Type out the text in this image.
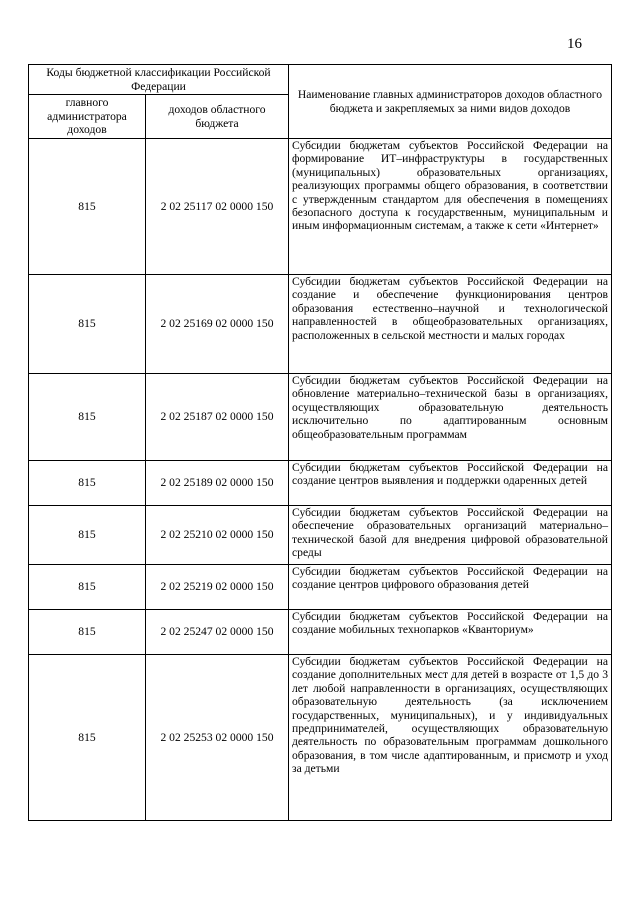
16
Коды бюджетной классификации Российской Федерации		Наименование главных администраторов доходов областного бюджета и закрепляемых за ними видов доходов
главного администратора доходов	доходов областного бюджета	
815	2 02 25117 02 0000 150	Субсидии бюджетам субъектов Российской Федерации на формирование ИТ–инфраструктуры в государственных (муниципальных) образовательных организациях, реализующих программы общего образования, в соответствии с утвержденным стандартом для обеспечения в помещениях безопасного доступа к государственным, муниципальным и иным информационным системам, а также к сети «Интернет»
815	2 02 25169 02 0000 150	Субсидии бюджетам субъектов Российской Федерации на создание и обеспечение функционирования центров образования естественно–научной и технологической направленностей в общеобразовательных организациях, расположенных в сельской местности и малых городах
815	2 02 25187 02 0000 150	Субсидии бюджетам субъектов Российской Федерации на обновление материально–технической базы в организациях, осуществляющих образовательную деятельность исключительно по адаптированным основным общеобразовательным программам
815	2 02 25189 02 0000 150	Субсидии бюджетам субъектов Российской Федерации на создание центров выявления и поддержки одаренных детей
815	2 02 25210 02 0000 150	Субсидии бюджетам субъектов Российской Федерации на обеспечение образовательных организаций материально–технической базой для внедрения цифровой образовательной среды
815	2 02 25219 02 0000 150	Субсидии бюджетам субъектов Российской Федерации на создание центров цифрового образования детей
815	2 02 25247 02 0000 150	Субсидии бюджетам субъектов Российской Федерации на создание мобильных технопарков «Кванториум»
815	2 02 25253 02 0000 150	Субсидии бюджетам субъектов Российской Федерации на создание дополнительных мест для детей в возрасте от 1,5 до 3 лет любой направленности в организациях, осуществляющих образовательную деятельность (за исключением государственных, муниципальных), и у индивидуальных предпринимателей, осуществляющих образовательную деятельность по образовательным программам дошкольного образования, в том числе адаптированным, и присмотр и уход за детьми
